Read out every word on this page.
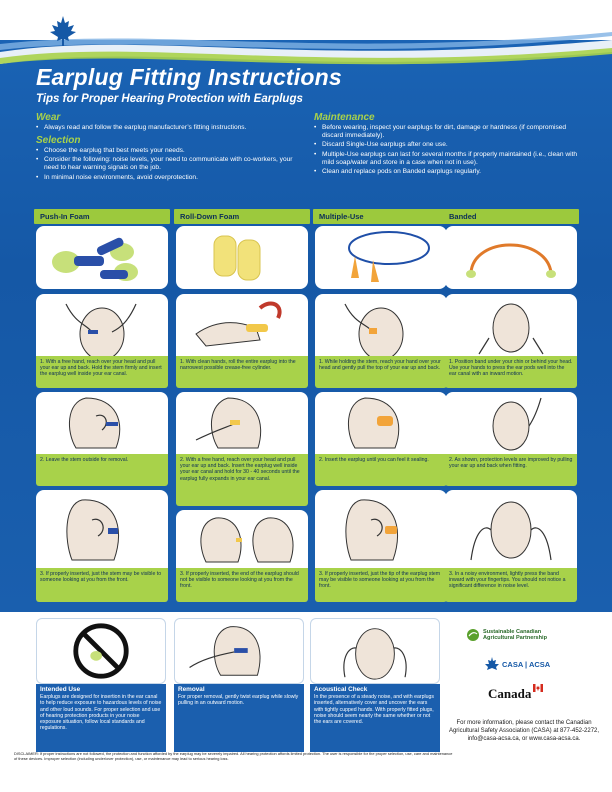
Earplug Fitting Instructions
Tips for Proper Hearing Protection with Earplugs
Wear
• Always read and follow the earplug manufacturer’s fitting instructions.
Selection
• Choose the earplug that best meets your needs.
• Consider the following: noise levels, your need to communicate with co-workers, your need to hear warning signals on the job.
• In minimal noise environments, avoid overprotection.
Maintenance
• Before wearing, inspect your earplugs for dirt, damage or hardness (if compromised discard immediately).
• Discard Single-Use earplugs after one use.
• Multiple-Use earplugs can last for several months if properly maintained (i.e., clean with mild soap/water and store in a case when not in use).
• Clean and replace pods on Banded earplugs regularly.
Push-In Foam
1. With a free hand, reach over your head and pull your ear up and back. Hold the stem firmly and insert the earplug well inside your ear canal.
2. Leave the stem outside for removal.
3. If properly inserted, just the stem may be visible to someone looking at you from the front.
Roll-Down Foam
1. With clean hands, roll the entire earplug into the narrowest possible crease-free cylinder.
2. With a free hand, reach over your head and pull your ear up and back. Insert the earplug well inside your ear canal and hold for 30 - 40 seconds until the earplug fully expands in your ear canal.
3. If properly inserted, the end of the earplug should not be visible to someone looking at you from the front.
Multiple-Use
1. While holding the stem, reach your hand over your head and gently pull the top of your ear up and back.
2. Insert the earplug until you can feel it sealing.
3. If properly inserted, just the tip of the earplug stem may be visible to someone looking at you from the front.
Banded
1. Position band under your chin or behind your head. Use your hands to press the ear pods well into the ear canal with an inward motion.
2. As shown, protection levels are improved by pulling your ear up and back when fitting.
3. In a noisy environment, lightly press the band inward with your fingertips. You should not notice a significant difference in noise level.
Intended Use
Earplugs are designed for insertion in the ear canal to help reduce exposure to hazardous levels of noise and other loud sounds. For proper selection and use of hearing protection products in your noise exposure situation, follow local standards and regulations.
Removal
For proper removal, gently twist earplug while slowly pulling in an outward motion.
Acoustical Check
In the presence of a steady noise, and with earplugs inserted, alternatively cover and uncover the ears with tightly cupped hands. With properly fitted plugs, noise should seem nearly the same whether or not the ears are covered.
Sustainable Canadian
Agricultural Partnership
CASA | ACSA
Canada
For more information, please contact the Canadian Agricultural Safety Association (CASA) at 877-452-2272, info@casa-acsa.ca, or www.casa-acsa.ca.
DISCLAIMER: If proper instructions are not followed, the protection and function afforded by the earplug may be severely impaired. All hearing protection affords limited protection. The user is responsible for the proper selection, use, care and maintenance of these devices. Improper selection (including under/over protection), use, or maintenance may lead to serious hearing loss.
